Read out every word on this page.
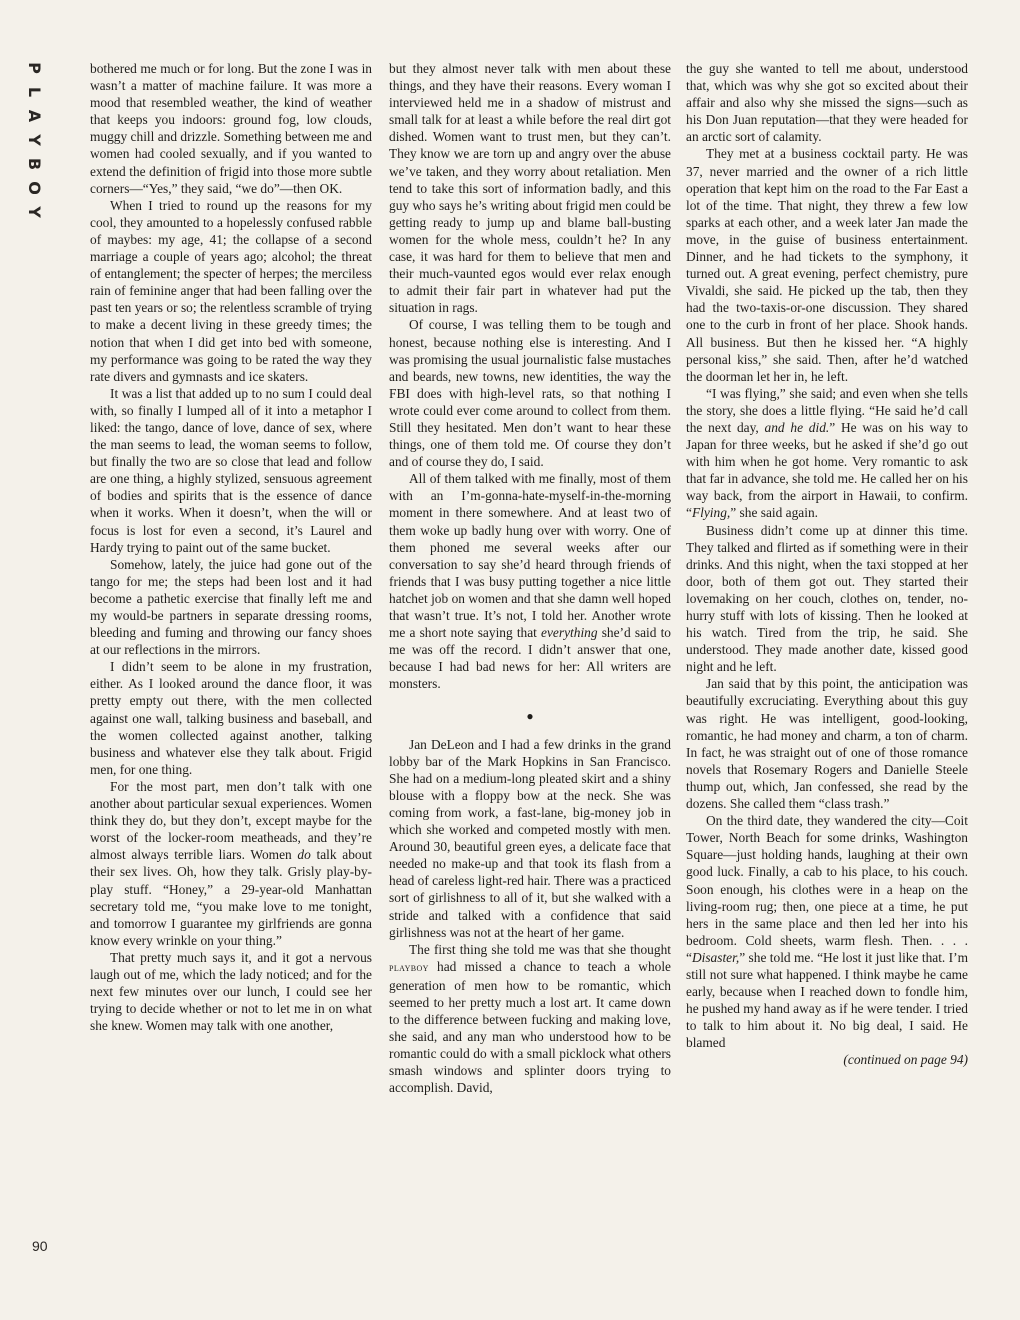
P
L
A
Y
B
O
Y

bothered me much or for long. But the zone I was in wasn’t a matter of machine failure. It was more a mood that resembled weather, the kind of weather that keeps you indoors: ground fog, low clouds, muggy chill and drizzle. Something between me and women had cooled sexually, and if you wanted to extend the definition of frigid into those more subtle corners—“Yes,” they said, “we do”—then OK.

When I tried to round up the reasons for my cool, they amounted to a hopelessly confused rabble of maybes: my age, 41; the collapse of a second marriage a couple of years ago; alcohol; the threat of entanglement; the specter of herpes; the merciless rain of feminine anger that had been falling over the past ten years or so; the relentless scramble of trying to make a decent living in these greedy times; the notion that when I did get into bed with someone, my performance was going to be rated the way they rate divers and gymnasts and ice skaters.

It was a list that added up to no sum I could deal with, so finally I lumped all of it into a metaphor I liked: the tango, dance of love, dance of sex, where the man seems to lead, the woman seems to follow, but finally the two are so close that lead and follow are one thing, a highly stylized, sensuous agreement of bodies and spirits that is the essence of dance when it works. When it doesn’t, when the will or focus is lost for even a second, it’s Laurel and Hardy trying to paint out of the same bucket.

Somehow, lately, the juice had gone out of the tango for me; the steps had been lost and it had become a pathetic exercise that finally left me and my would-be partners in separate dressing rooms, bleeding and fuming and throwing our fancy shoes at our reflections in the mirrors.

I didn’t seem to be alone in my frustration, either. As I looked around the dance floor, it was pretty empty out there, with the men collected against one wall, talking business and baseball, and the women collected against another, talking business and whatever else they talk about. Frigid men, for one thing.

For the most part, men don’t talk with one another about particular sexual experiences. Women think they do, but they don’t, except maybe for the worst of the locker-room meatheads, and they’re almost always terrible liars. Women do talk about their sex lives. Oh, how they talk. Grisly play-by-play stuff. “Honey,” a 29-year-old Manhattan secretary told me, “you make love to me tonight, and tomorrow I guarantee my girlfriends are gonna know every wrinkle on your thing.”

That pretty much says it, and it got a nervous laugh out of me, which the lady noticed; and for the next few minutes over our lunch, I could see her trying to decide whether or not to let me in on what she knew. Women may talk with one another,

but they almost never talk with men about these things, and they have their reasons. Every woman I interviewed held me in a shadow of mistrust and small talk for at least a while before the real dirt got dished. Women want to trust men, but they can’t. They know we are torn up and angry over the abuse we’ve taken, and they worry about retaliation. Men tend to take this sort of information badly, and this guy who says he’s writing about frigid men could be getting ready to jump up and blame ball-busting women for the whole mess, couldn’t he? In any case, it was hard for them to believe that men and their much-vaunted egos would ever relax enough to admit their fair part in whatever had put the situation in rags.

Of course, I was telling them to be tough and honest, because nothing else is interesting. And I was promising the usual journalistic false mustaches and beards, new towns, new identities, the way the FBI does with high-level rats, so that nothing I wrote could ever come around to collect from them. Still they hesitated. Men don’t want to hear these things, one of them told me. Of course they don’t and of course they do, I said.

All of them talked with me finally, most of them with an I’m-gonna-hate-myself-in-the-morning moment in there somewhere. And at least two of them woke up badly hung over with worry. One of them phoned me several weeks after our conversation to say she’d heard through friends of friends that I was busy putting together a nice little hatchet job on women and that she damn well hoped that wasn’t true. It’s not, I told her. Another wrote me a short note saying that everything she’d said to me was off the record. I didn’t answer that one, because I had bad news for her: All writers are monsters.

●

Jan DeLeon and I had a few drinks in the grand lobby bar of the Mark Hopkins in San Francisco. She had on a medium-long pleated skirt and a shiny blouse with a floppy bow at the neck. She was coming from work, a fast-lane, big-money job in which she worked and competed mostly with men. Around 30, beautiful green eyes, a delicate face that needed no make-up and that took its flash from a head of careless light-red hair. There was a practiced sort of girlishness to all of it, but she walked with a stride and talked with a confidence that said girlishness was not at the heart of her game.

The first thing she told me was that she thought playboy had missed a chance to teach a whole generation of men how to be romantic, which seemed to her pretty much a lost art. It came down to the difference between fucking and making love, she said, and any man who understood how to be romantic could do with a small picklock what others smash windows and splinter doors trying to accomplish. David,

the guy she wanted to tell me about, understood that, which was why she got so excited about their affair and also why she missed the signs—such as his Don Juan reputation—that they were headed for an arctic sort of calamity.

They met at a business cocktail party. He was 37, never married and the owner of a rich little operation that kept him on the road to the Far East a lot of the time. That night, they threw a few low sparks at each other, and a week later Jan made the move, in the guise of business entertainment. Dinner, and he had tickets to the symphony, it turned out. A great evening, perfect chemistry, pure Vivaldi, she said. He picked up the tab, then they had the two-taxis-or-one discussion. They shared one to the curb in front of her place. Shook hands. All business. But then he kissed her. “A highly personal kiss,” she said. Then, after he’d watched the doorman let her in, he left.

“I was flying,” she said; and even when she tells the story, she does a little flying. “He said he’d call the next day, and he did.” He was on his way to Japan for three weeks, but he asked if she’d go out with him when he got home. Very romantic to ask that far in advance, she told me. He called her on his way back, from the airport in Hawaii, to confirm. “Flying,” she said again.

Business didn’t come up at dinner this time. They talked and flirted as if something were in their drinks. And this night, when the taxi stopped at her door, both of them got out. They started their lovemaking on her couch, clothes on, tender, no-hurry stuff with lots of kissing. Then he looked at his watch. Tired from the trip, he said. She understood. They made another date, kissed good night and he left.

Jan said that by this point, the anticipation was beautifully excruciating. Everything about this guy was right. He was intelligent, good-looking, romantic, he had money and charm, a ton of charm. In fact, he was straight out of one of those romance novels that Rosemary Rogers and Danielle Steele thump out, which, Jan confessed, she read by the dozens. She called them “class trash.”

On the third date, they wandered the city—Coit Tower, North Beach for some drinks, Washington Square—just holding hands, laughing at their own good luck. Finally, a cab to his place, to his couch. Soon enough, his clothes were in a heap on the living-room rug; then, one piece at a time, he put hers in the same place and then led her into his bedroom. Cold sheets, warm flesh. Then. . . . “Disaster,” she told me. “He lost it just like that. I’m still not sure what happened. I think maybe he came early, because when I reached down to fondle him, he pushed my hand away as if he were tender. I tried to talk to him about it. No big deal, I said. He blamed

(continued on page 94)

90
